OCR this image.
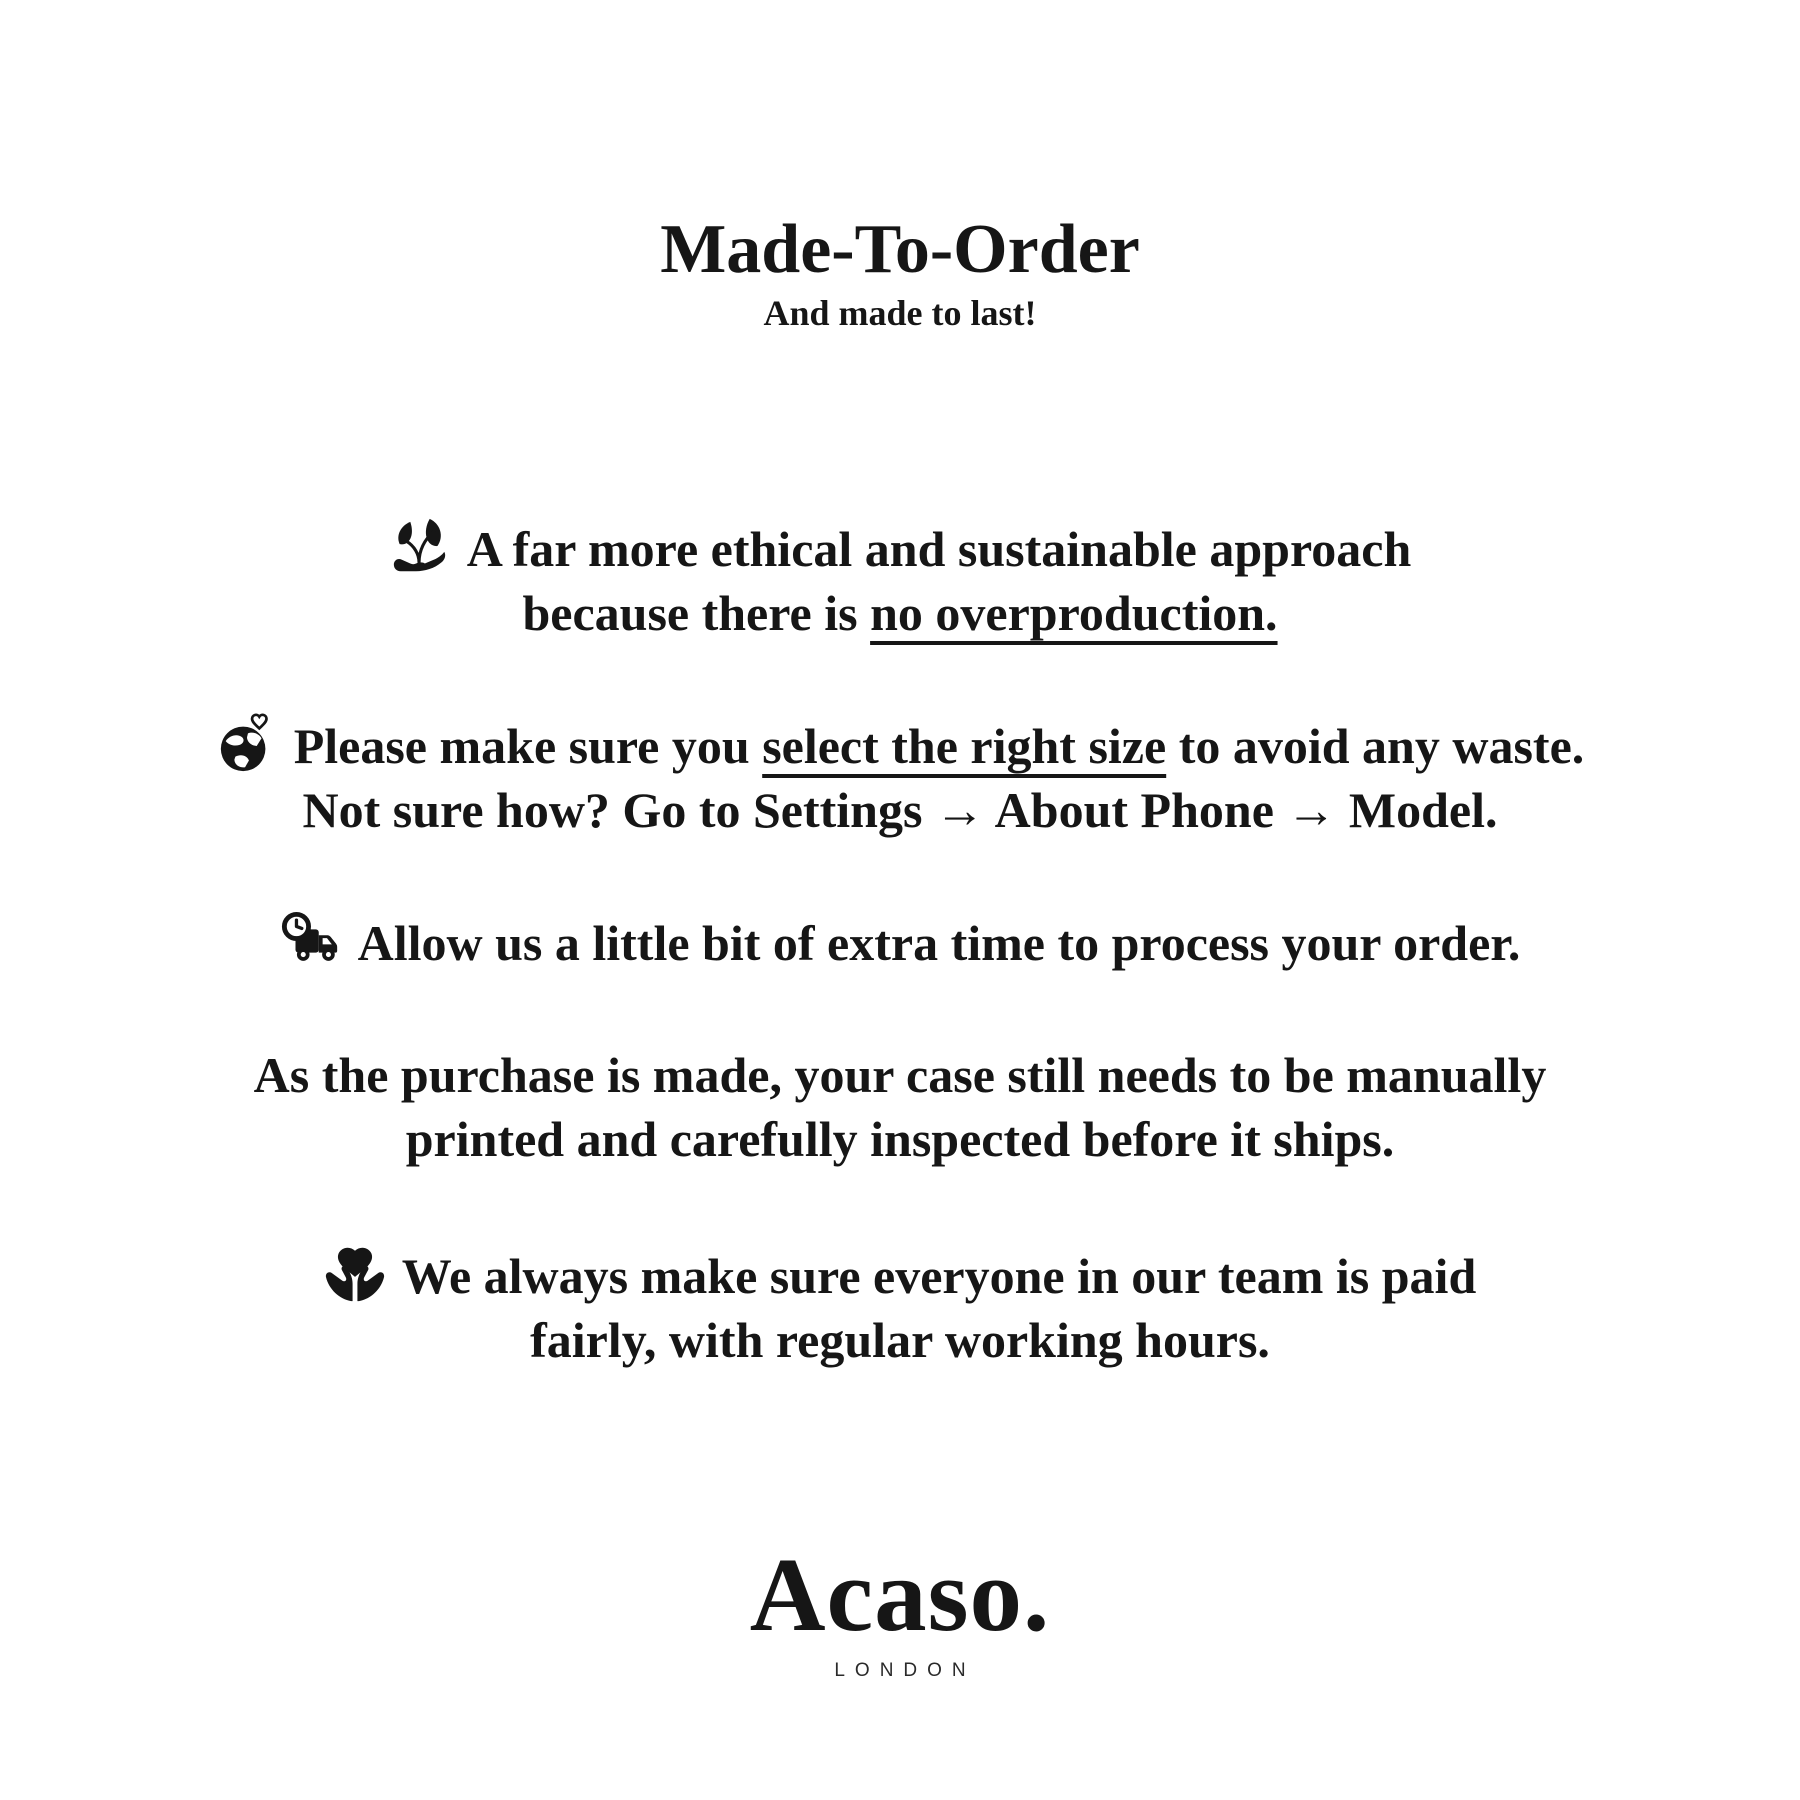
Made-To-Order
And made to last!
A far more ethical and sustainable approach
because there is no overproduction.
Please make sure you select the right size to avoid any waste.
Not sure how? Go to Settings → About Phone → Model.
Allow us a little bit of extra time to process your order.
As the purchase is made, your case still needs to be manually
printed and carefully inspected before it ships.
We always make sure everyone in our team is paid
fairly, with regular working hours.
Acaso.
LONDON
